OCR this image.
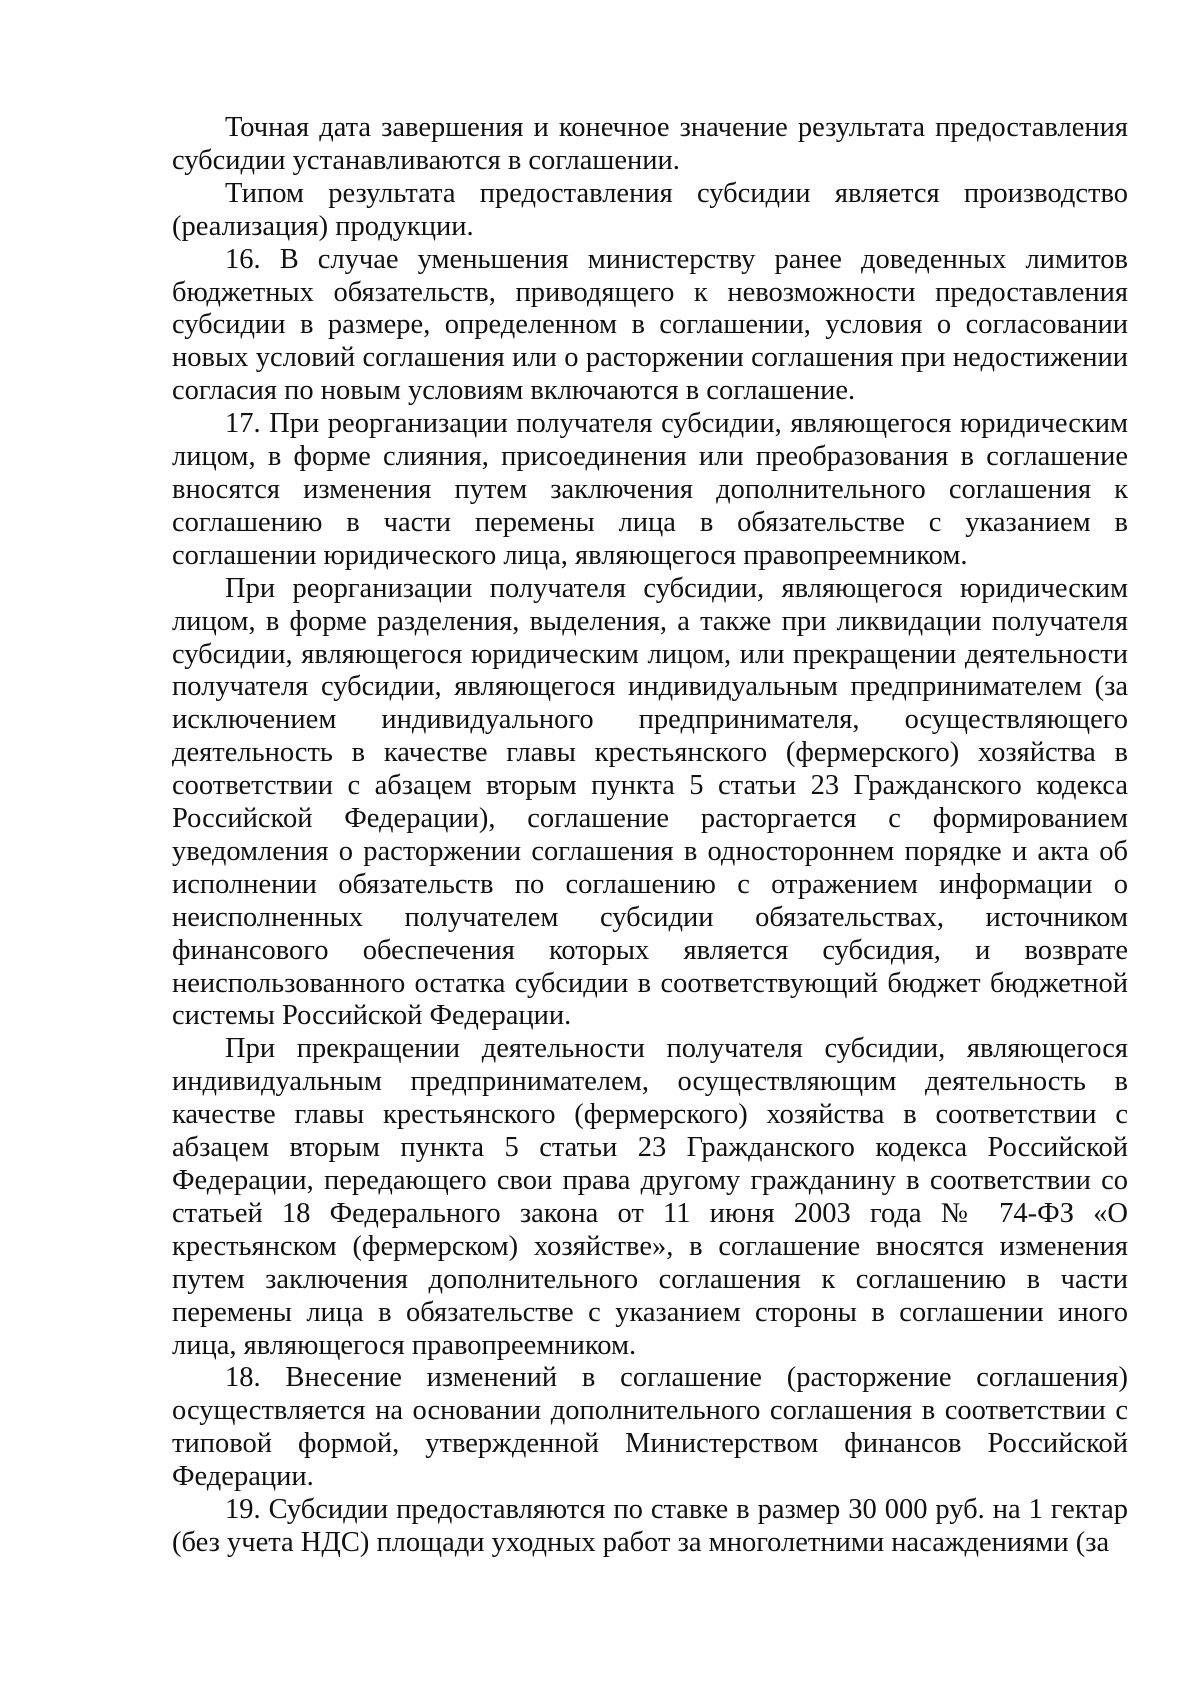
Точная дата завершения и конечное значение результата предоставления субсидии устанавливаются в соглашении.

Типом результата предоставления субсидии является производство (реализация) продукции.

16. В случае уменьшения министерству ранее доведенных лимитов бюджетных обязательств, приводящего к невозможности предоставления субсидии в размере, определенном в соглашении, условия о согласовании новых условий соглашения или о расторжении соглашения при недостижении согласия по новым условиям включаются в соглашение.

17. При реорганизации получателя субсидии, являющегося юридическим лицом, в форме слияния, присоединения или преобразования в соглашение вносятся изменения путем заключения дополнительного соглашения к соглашению в части перемены лица в обязательстве с указанием в соглашении юридического лица, являющегося правопреемником.

При реорганизации получателя субсидии, являющегося юридическим лицом, в форме разделения, выделения, а также при ликвидации получателя субсидии, являющегося юридическим лицом, или прекращении деятельности получателя субсидии, являющегося индивидуальным предпринимателем (за исключением индивидуального предпринимателя, осуществляющего деятельность в качестве главы крестьянского (фермерского) хозяйства в соответствии с абзацем вторым пункта 5 статьи 23 Гражданского кодекса Российской Федерации), соглашение расторгается с формированием уведомления о расторжении соглашения в одностороннем порядке и акта об исполнении обязательств по соглашению с отражением информации о неисполненных получателем субсидии обязательствах, источником финансового обеспечения которых является субсидия, и возврате неиспользованного остатка субсидии в соответствующий бюджет бюджетной системы Российской Федерации.

При прекращении деятельности получателя субсидии, являющегося индивидуальным предпринимателем, осуществляющим деятельность в качестве главы крестьянского (фермерского) хозяйства в соответствии с абзацем вторым пункта 5 статьи 23 Гражданского кодекса Российской Федерации, передающего свои права другому гражданину в соответствии со статьей 18 Федерального закона от 11 июня 2003 года № 74-ФЗ «О крестьянском (фермерском) хозяйстве», в соглашение вносятся изменения путем заключения дополнительного соглашения к соглашению в части перемены лица в обязательстве с указанием стороны в соглашении иного лица, являющегося правопреемником.

18. Внесение изменений в соглашение (расторжение соглашения) осуществляется на основании дополнительного соглашения в соответствии с типовой формой, утвержденной Министерством финансов Российской Федерации.

19. Субсидии предоставляются по ставке в размер 30 000 руб. на 1 гектар (без учета НДС) площади уходных работ за многолетними насаждениями (за
